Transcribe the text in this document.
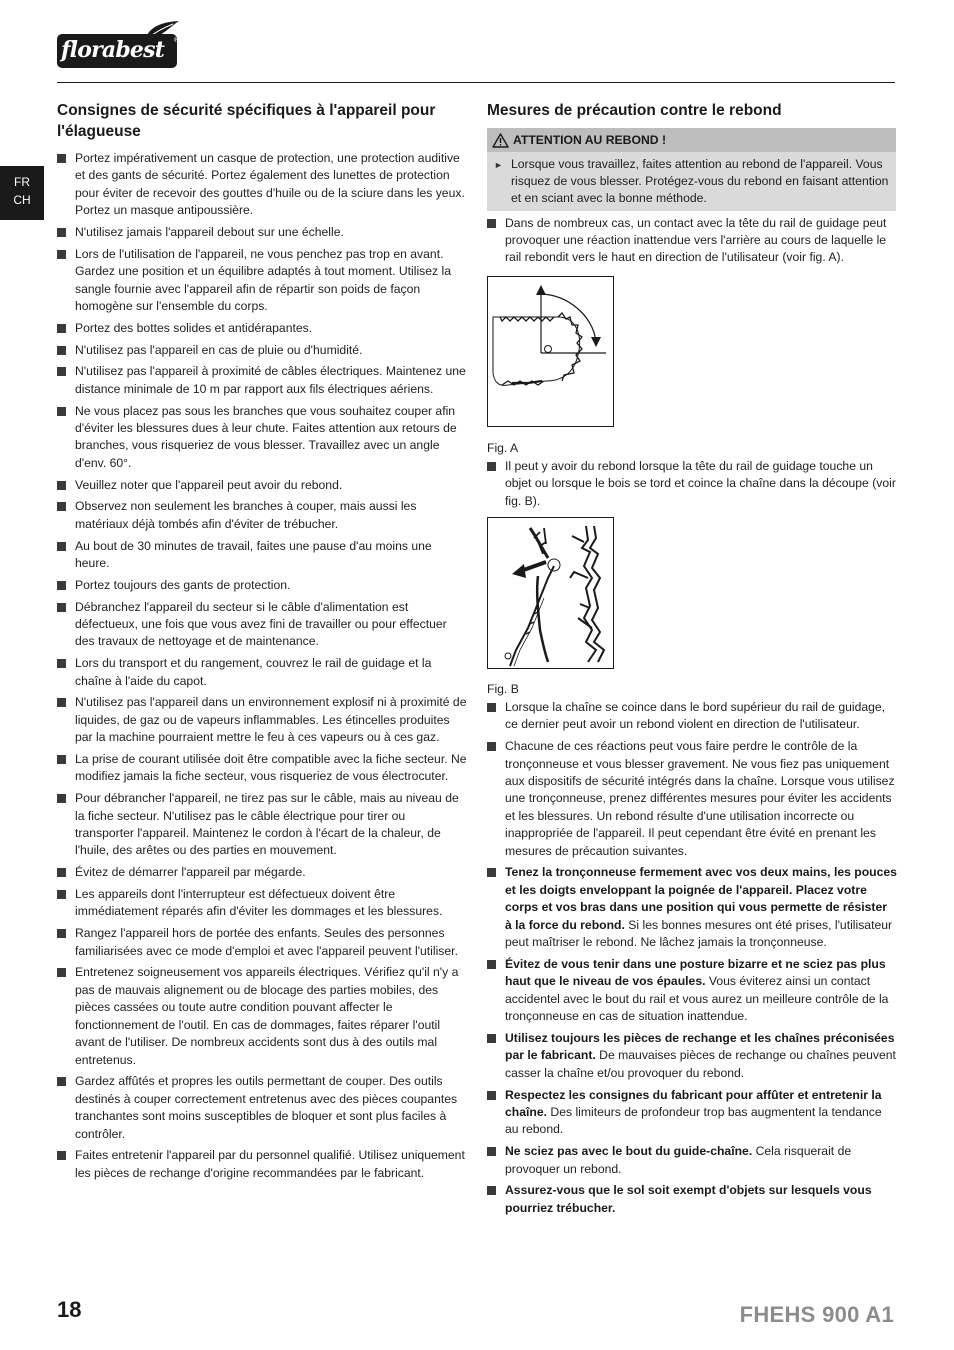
florabest ®
FR
CH
Consignes de sécurité spécifiques à l'appareil pour l'élagueuse
Portez impérativement un casque de protection, une protection auditive et des gants de sécurité. Portez également des lunettes de protection pour éviter de recevoir des gouttes d'huile ou de la sciure dans les yeux. Portez un masque antipoussière.
N'utilisez jamais l'appareil debout sur une échelle.
Lors de l'utilisation de l'appareil, ne vous penchez pas trop en avant. Gardez une position et un équilibre adaptés à tout moment. Utilisez la sangle fournie avec l'appareil afin de répartir son poids de façon homogène sur l'ensemble du corps.
Portez des bottes solides et antidérapantes.
N'utilisez pas l'appareil en cas de pluie ou d'humidité.
N'utilisez pas l'appareil à proximité de câbles électriques. Maintenez une distance minimale de 10 m par rapport aux fils électriques aériens.
Ne vous placez pas sous les branches que vous souhaitez couper afin d'éviter les blessures dues à leur chute. Faites attention aux retours de branches, vous risqueriez de vous blesser. Travaillez avec un angle d'env. 60°.
Veuillez noter que l'appareil peut avoir du rebond.
Observez non seulement les branches à couper, mais aussi les matériaux déjà tombés afin d'éviter de trébucher.
Au bout de 30 minutes de travail, faites une pause d'au moins une heure.
Portez toujours des gants de protection.
Débranchez l'appareil du secteur si le câble d'alimentation est défectueux, une fois que vous avez fini de travailler ou pour effectuer des travaux de nettoyage et de maintenance.
Lors du transport et du rangement, couvrez le rail de guidage et la chaîne à l'aide du capot.
N'utilisez pas l'appareil dans un environnement explosif ni à proximité de liquides, de gaz ou de vapeurs inflammables. Les étincelles produites par la machine pourraient mettre le feu à ces vapeurs ou à ces gaz.
La prise de courant utilisée doit être compatible avec la fiche secteur. Ne modifiez jamais la fiche secteur, vous risqueriez de vous électrocuter.
Pour débrancher l'appareil, ne tirez pas sur le câble, mais au niveau de la fiche secteur. N'utilisez pas le câble électrique pour tirer ou transporter l'appareil. Maintenez le cordon à l'écart de la chaleur, de l'huile, des arêtes ou des parties en mouvement.
Évitez de démarrer l'appareil par mégarde.
Les appareils dont l'interrupteur est défectueux doivent être immédiatement réparés afin d'éviter les dommages et les blessures.
Rangez l'appareil hors de portée des enfants. Seules des personnes familiarisées avec ce mode d'emploi et avec l'appareil peuvent l'utiliser.
Entretenez soigneusement vos appareils électriques. Vérifiez qu'il n'y a pas de mauvais alignement ou de blocage des parties mobiles, des pièces cassées ou toute autre condition pouvant affecter le fonctionnement de l'outil. En cas de dommages, faites réparer l'outil avant de l'utiliser. De nombreux accidents sont dus à des outils mal entretenus.
Gardez affûtés et propres les outils permettant de couper. Des outils destinés à couper correctement entretenus avec des pièces coupantes tranchantes sont moins susceptibles de bloquer et sont plus faciles à contrôler.
Faites entretenir l'appareil par du personnel qualifié. Utilisez uniquement les pièces de rechange d'origine recommandées par le fabricant.
Mesures de précaution contre le rebond
ATTENTION AU REBOND !
► Lorsque vous travaillez, faites attention au rebond de l'appareil. Vous risquez de vous blesser. Protégez-vous du rebond en faisant attention et en sciant avec la bonne méthode.
Dans de nombreux cas, un contact avec la tête du rail de guidage peut provoquer une réaction inattendue vers l'arrière au cours de laquelle le rail rebondit vers le haut en direction de l'utilisateur (voir fig. A).
Fig. A
Il peut y avoir du rebond lorsque la tête du rail de guidage touche un objet ou lorsque le bois se tord et coince la chaîne dans la découpe (voir fig. B).
Fig. B
Lorsque la chaîne se coince dans le bord supérieur du rail de guidage, ce dernier peut avoir un rebond violent en direction de l'utilisateur.
Chacune de ces réactions peut vous faire perdre le contrôle de la tronçonneuse et vous blesser gravement. Ne vous fiez pas uniquement aux dispositifs de sécurité intégrés dans la chaîne. Lorsque vous utilisez une tronçonneuse, prenez différentes mesures pour éviter les accidents et les blessures. Un rebond résulte d'une utilisation incorrecte ou inappropriée de l'appareil. Il peut cependant être évité en prenant les mesures de précaution suivantes.
Tenez la tronçonneuse fermement avec vos deux mains, les pouces et les doigts enveloppant la poignée de l'appareil. Placez votre corps et vos bras dans une position qui vous permette de résister à la force du rebond. Si les bonnes mesures ont été prises, l'utilisateur peut maîtriser le rebond. Ne lâchez jamais la tronçonneuse.
Évitez de vous tenir dans une posture bizarre et ne sciez pas plus haut que le niveau de vos épaules. Vous éviterez ainsi un contact accidentel avec le bout du rail et vous aurez un meilleure contrôle de la tronçonneuse en cas de situation inattendue.
Utilisez toujours les pièces de rechange et les chaînes préconisées par le fabricant. De mauvaises pièces de rechange ou chaînes peuvent casser la chaîne et/ou provoquer du rebond.
Respectez les consignes du fabricant pour affûter et entretenir la chaîne. Des limiteurs de profondeur trop bas augmentent la tendance au rebond.
Ne sciez pas avec le bout du guide-chaîne. Cela risquerait de provoquer un rebond.
Assurez-vous que le sol soit exempt d'objets sur lesquels vous pourriez trébucher.
18	FHEHS 900 A1
